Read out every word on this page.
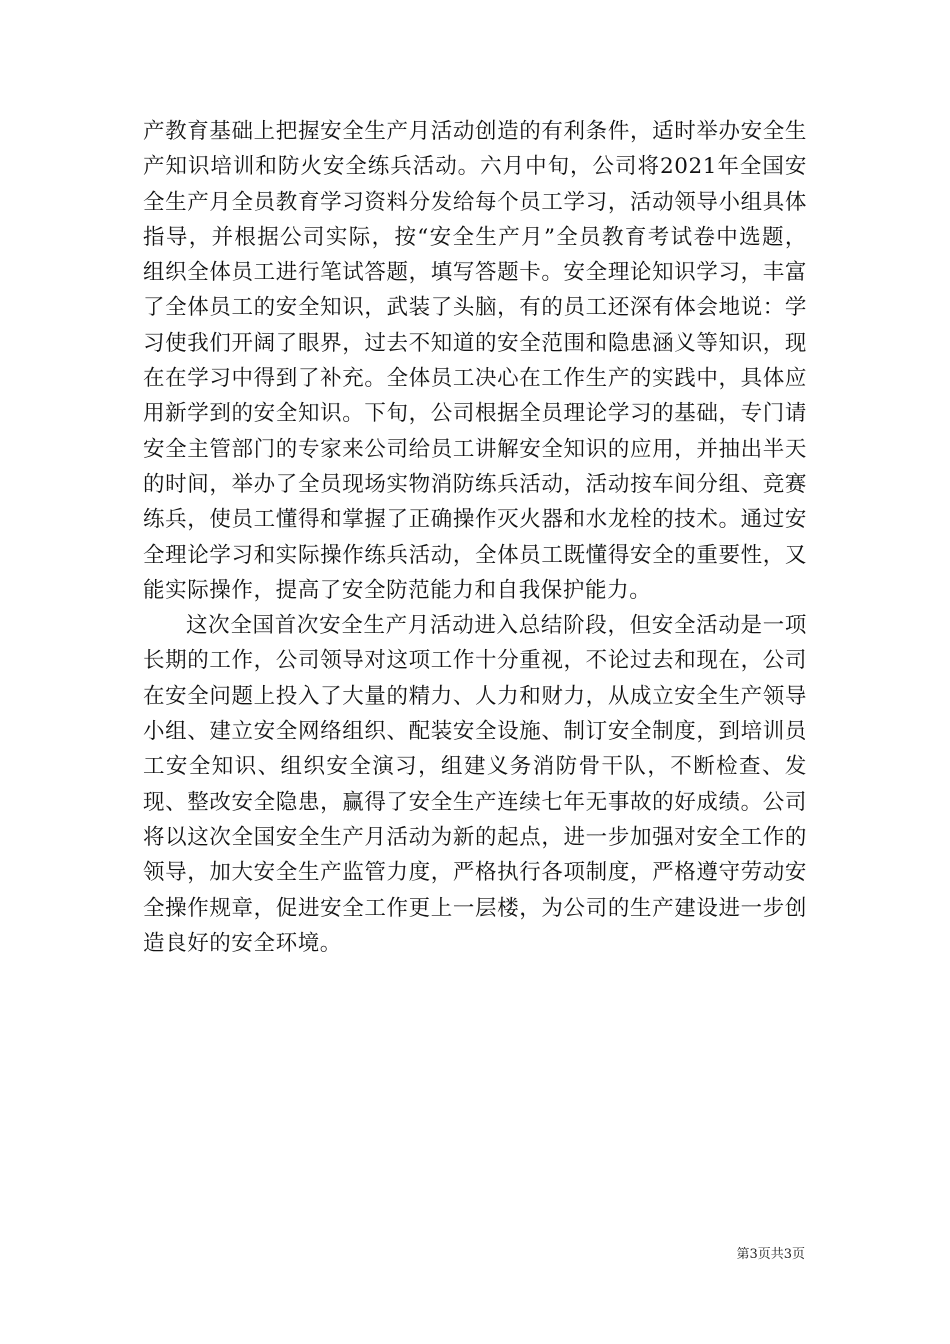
产教育基础上把握安全生产月活动创造的有利条件，适时举办安全生产知识培训和防火安全练兵活动。六月中旬，公司将2021年全国安全生产月全员教育学习资料分发给每个员工学习，活动领导小组具体指导，并根据公司实际，按“安全生产月”全员教育考试卷中选题，组织全体员工进行笔试答题，填写答题卡。安全理论知识学习，丰富了全体员工的安全知识，武装了头脑，有的员工还深有体会地说：学习使我们开阔了眼界，过去不知道的安全范围和隐患涵义等知识，现在在学习中得到了补充。全体员工决心在工作生产的实践中，具体应用新学到的安全知识。下旬，公司根据全员理论学习的基础，专门请安全主管部门的专家来公司给员工讲解安全知识的应用，并抽出半天的时间，举办了全员现场实物消防练兵活动，活动按车间分组、竞赛练兵，使员工懂得和掌握了正确操作灭火器和水龙栓的技术。通过安全理论学习和实际操作练兵活动，全体员工既懂得安全的重要性，又能实际操作，提高了安全防范能力和自我保护能力。

这次全国首次安全生产月活动进入总结阶段，但安全活动是一项长期的工作，公司领导对这项工作十分重视，不论过去和现在，公司在安全问题上投入了大量的精力、人力和财力，从成立安全生产领导小组、建立安全网络组织、配装安全设施、制订安全制度，到培训员工安全知识、组织安全演习，组建义务消防骨干队，不断检查、发现、整改安全隐患，赢得了安全生产连续七年无事故的好成绩。公司将以这次全国安全生产月活动为新的起点，进一步加强对安全工作的领导，加大安全生产监管力度，严格执行各项制度，严格遵守劳动安全操作规章，促进安全工作更上一层楼，为公司的生产建设进一步创造良好的安全环境。

第3页共3页
